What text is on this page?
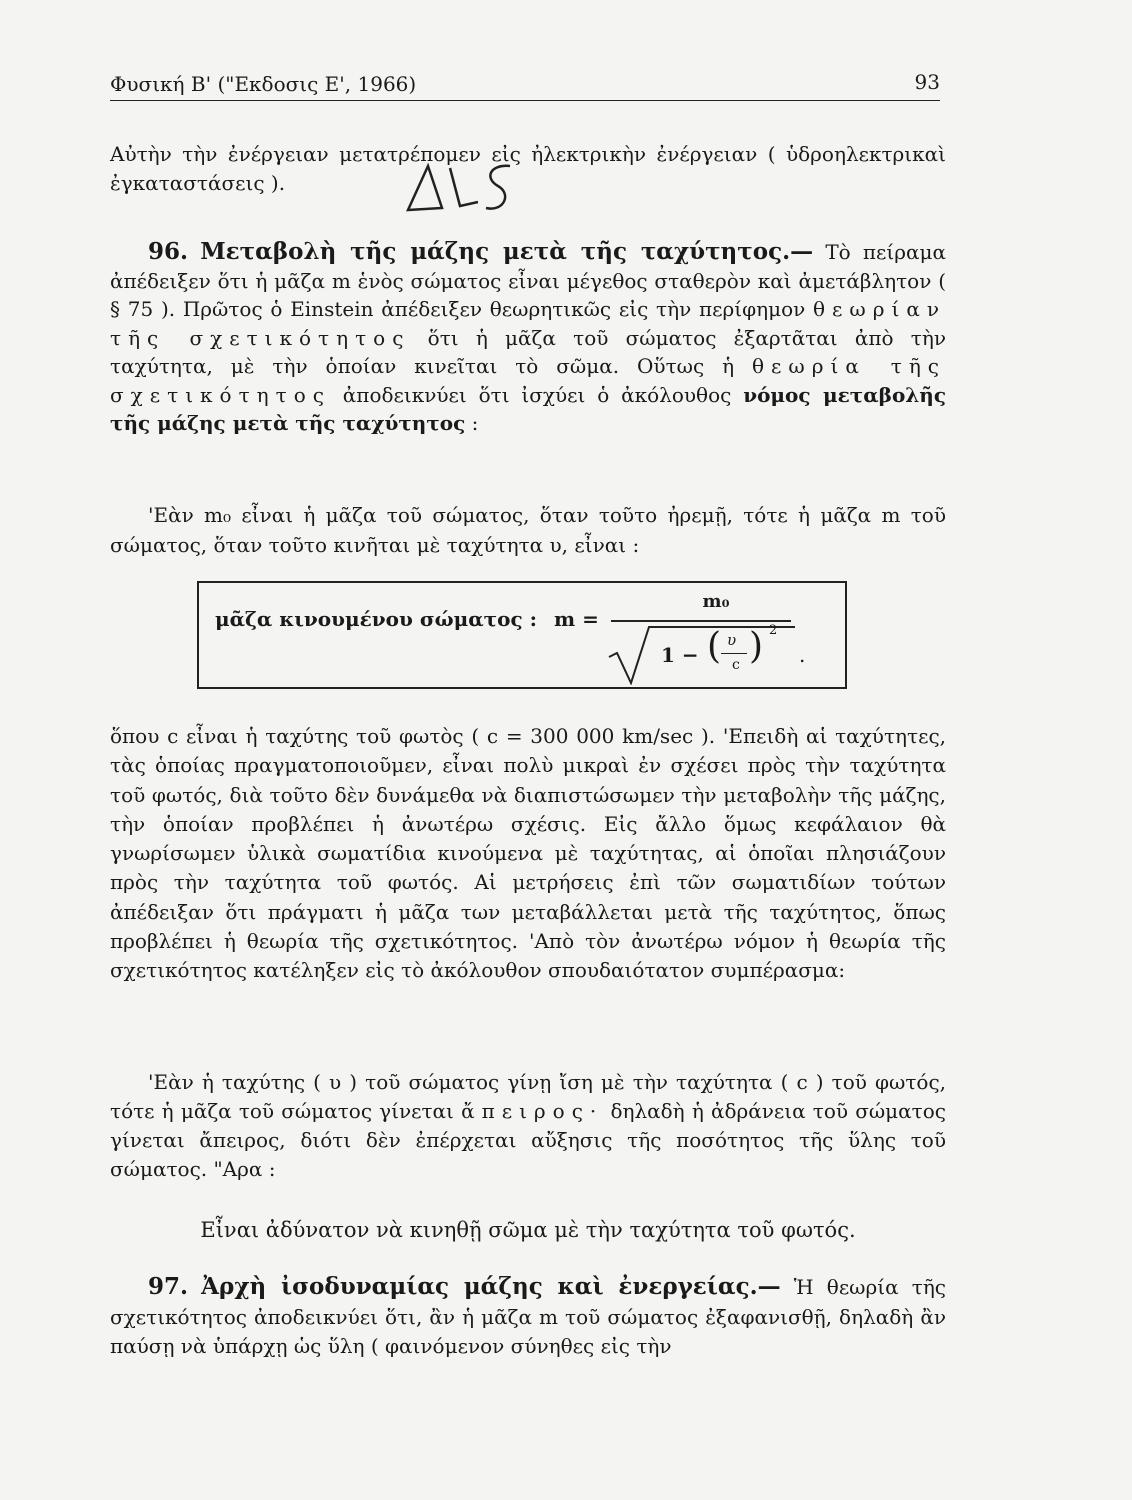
Φυσική Β' ("Εκδοσις Ε', 1966)	93

Αὐτὴν τὴν ἐνέργειαν μετατρέπομεν εἰς ἠλεκτρικὴν ἐνέργειαν ( ὑδροηλεκτρικαὶ ἐγκαταστάσεις ).

96. Μεταβολὴ τῆς μάζης μετὰ τῆς ταχύτητος.— Τὸ πείραμα ἀπέδειξεν ὅτι ἡ μᾶζα m ἑνὸς σώματος εἶναι μέγεθος σταθερὸν καὶ ἀμετάβλητον ( § 75 ). Πρῶτος ὁ Einstein ἀπέδειξεν θεωρητικῶς εἰς τὴν περίφημον θεωρίαν τῆς σχετικότητος ὅτι ἡ μᾶζα τοῦ σώματος ἐξαρτᾶται ἀπὸ τὴν ταχύτητα, μὲ τὴν ὁποίαν κινεῖται τὸ σῶμα. Οὕτως ἡ θεωρία τῆς σχετικότητος ἀποδεικνύει ὅτι ἰσχύει ὁ ἀκόλουθος νόμος μεταβολῆς τῆς μάζης μετὰ τῆς ταχύτητος :

'Εὰν m₀ εἶναι ἡ μᾶζα τοῦ σώματος, ὅταν τοῦτο ἠρεμῇ, τότε ἡ μᾶζα m τοῦ σώματος, ὅταν τοῦτο κινῆται μὲ ταχύτητα υ, εἶναι :

μᾶζα κινουμένου σώματος : m =
m₀
1 − ( υ
c ) 2
.

ὅπου c εἶναι ἡ ταχύτης τοῦ φωτὸς ( c = 300 000 km/sec ). 'Επειδὴ αἱ ταχύτητες, τὰς ὁποίας πραγματοποιοῦμεν, εἶναι πολὺ μικραὶ ἐν σχέσει πρὸς τὴν ταχύτητα τοῦ φωτός, διὰ τοῦτο δὲν δυνάμεθα νὰ διαπιστώσωμεν τὴν μεταβολὴν τῆς μάζης, τὴν ὁποίαν προβλέπει ἡ ἀνωτέρω σχέσις. Εἰς ἄλλο ὅμως κεφάλαιον θὰ γνωρίσωμεν ὑλικὰ σωματίδια κινούμενα μὲ ταχύτητας, αἱ ὁποῖαι πλησιάζουν πρὸς τὴν ταχύτητα τοῦ φωτός. Αἱ μετρήσεις ἐπὶ τῶν σωματιδίων τούτων ἀπέδειξαν ὅτι πράγματι ἡ μᾶζα των μεταβάλλεται μετὰ τῆς ταχύτητος, ὅπως προβλέπει ἡ θεωρία τῆς σχετικότητος. 'Απὸ τὸν ἀνωτέρω νόμον ἡ θεωρία τῆς σχετικότητος κατέληξεν εἰς τὸ ἀκόλουθον σπουδαιότατον συμπέρασμα:

'Εὰν ἡ ταχύτης ( υ ) τοῦ σώματος γίνῃ ἴση μὲ τὴν ταχύτητα ( c ) τοῦ φωτός, τότε ἡ μᾶζα τοῦ σώματος γίνεται ἄπειρος· δηλαδὴ ἡ ἀδράνεια τοῦ σώματος γίνεται ἄπειρος, διότι δὲν ἐπέρχεται αὔξησις τῆς ποσότητος τῆς ὕλης τοῦ σώματος. "Αρα :

Εἶναι ἀδύνατον νὰ κινηθῇ σῶμα μὲ τὴν ταχύτητα τοῦ φωτός.

97. Ἀρχὴ ἰσοδυναμίας μάζης καὶ ἐνεργείας.— Ἡ θεωρία τῆς σχετικότητος ἀποδεικνύει ὅτι, ἂν ἡ μᾶζα m τοῦ σώματος ἐξαφανισθῇ, δηλαδὴ ἂν παύσῃ νὰ ὑπάρχῃ ὡς ὕλη ( φαινόμενον σύνηθες εἰς τὴν
